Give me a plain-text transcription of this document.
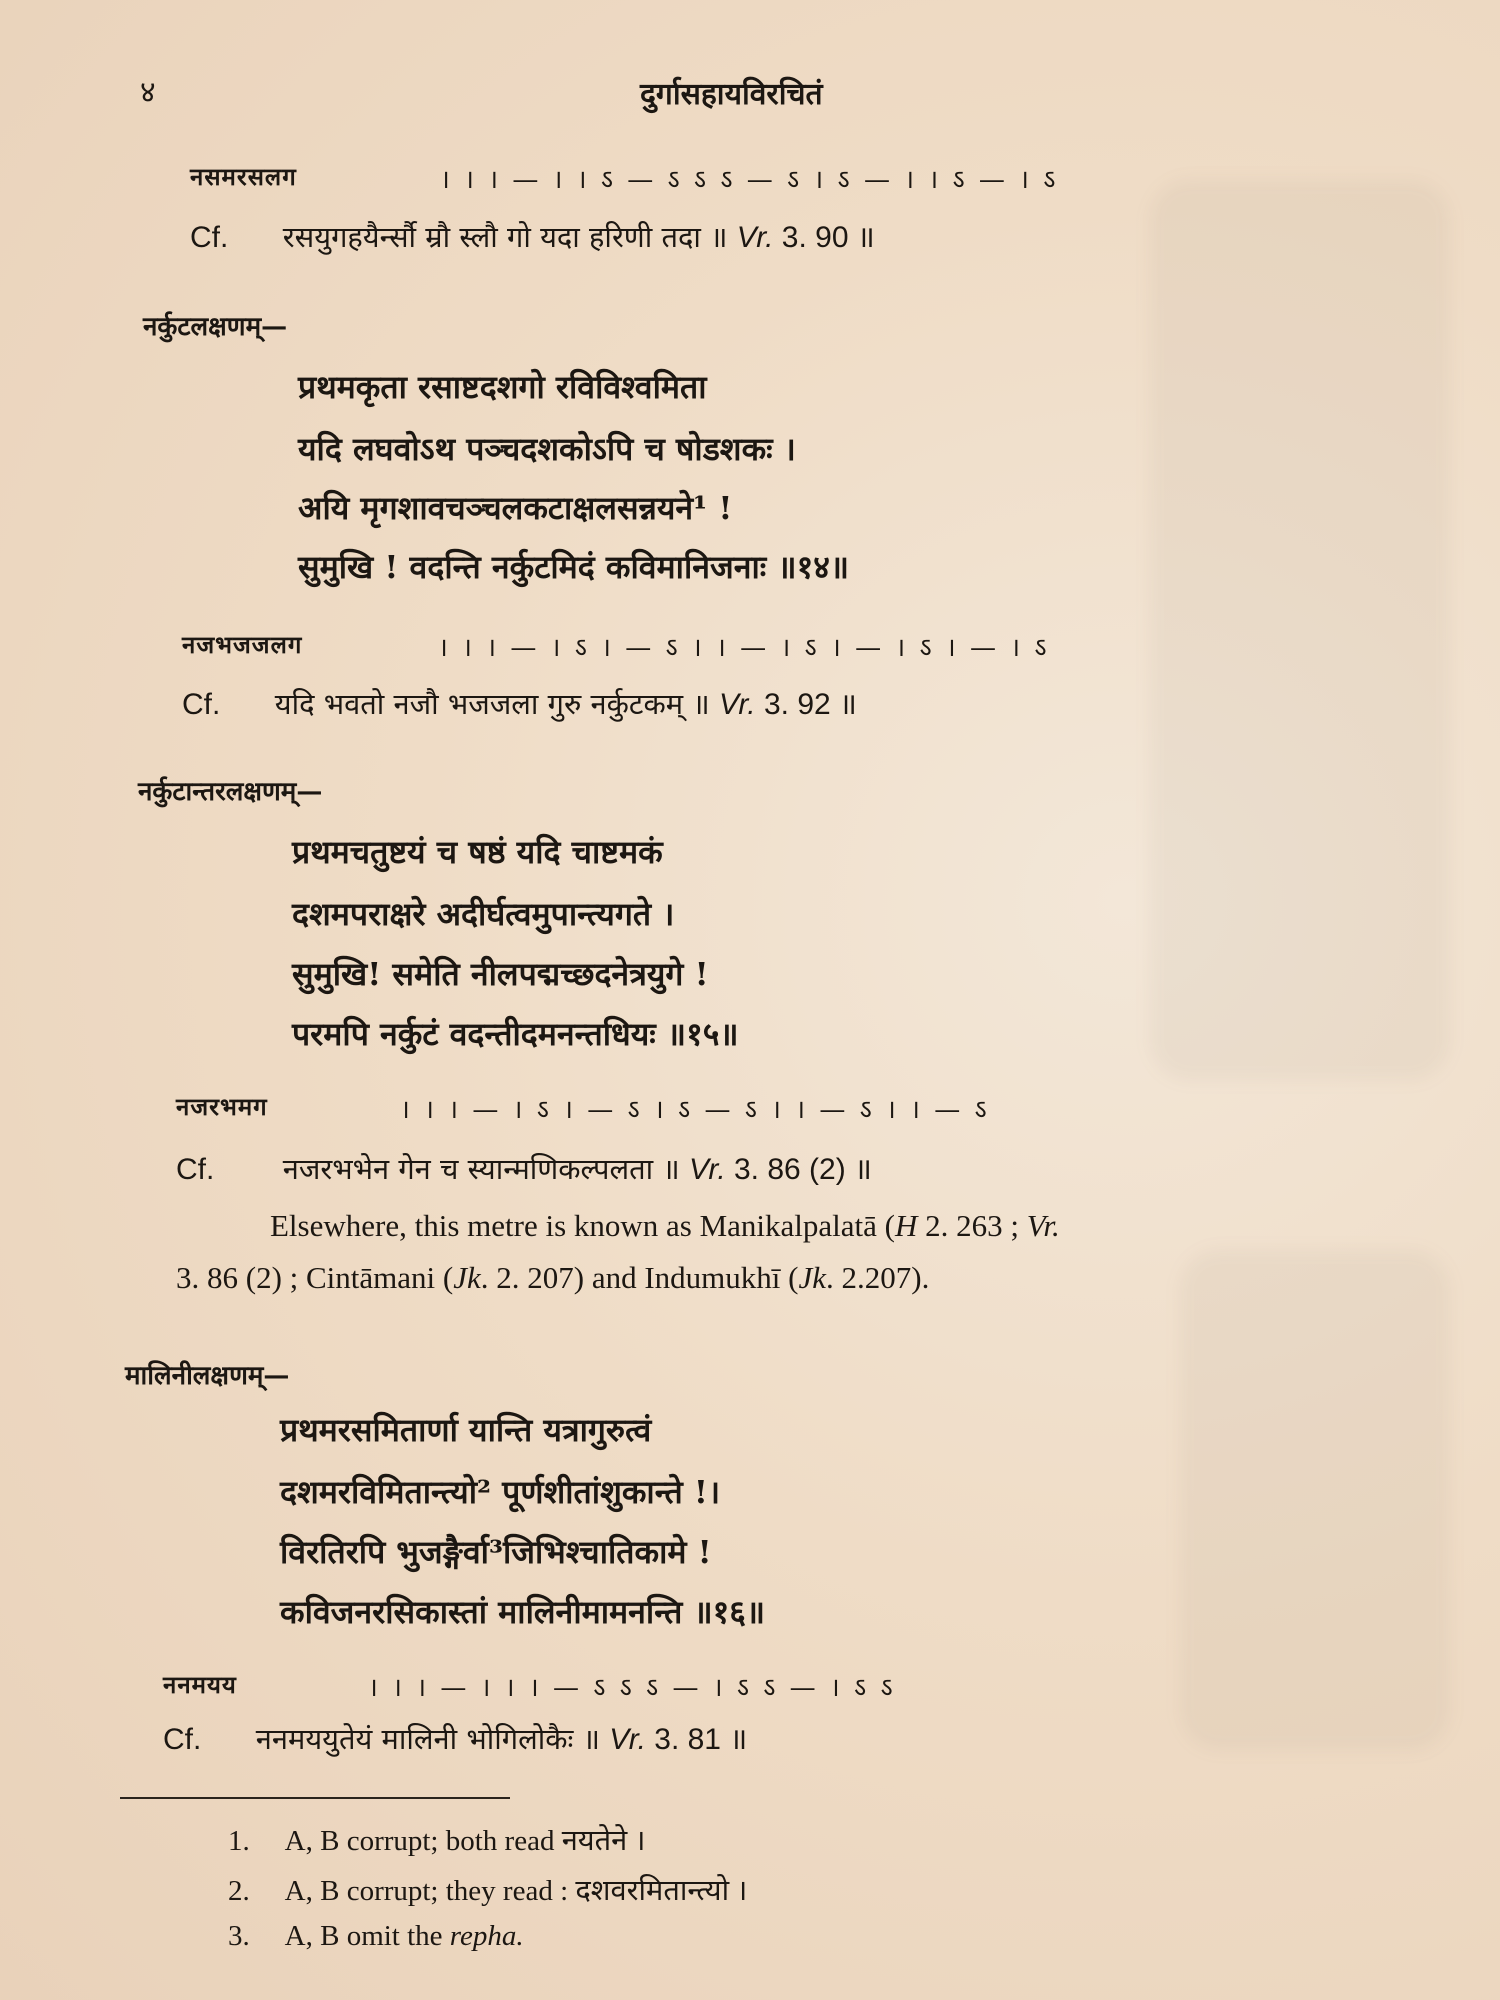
४	दुर्गासहायविरचितं
नसमरसलग	। । । — । । ऽ — ऽ ऽ ऽ — ऽ । ऽ — । । ऽ — । ऽ
Cf. रसयुगहयैर्न्सौ म्रौ स्लौ गो यदा हरिणी तदा ॥ Vr. 3. 90 ॥
नर्कुटलक्षणम्—
प्रथमकृता रसाष्टदशगो रविविश्वमिता
यदि लघवोऽथ पञ्चदशकोऽपि च षोडशकः ।
अयि मृगशावचञ्चलकटाक्षलसन्नयने¹ !
सुमुखि ! वदन्ति नर्कुटमिदं कविमानिजनाः ॥१४॥
नजभजजलग	। । । — । ऽ । — ऽ । । — । ऽ । — । ऽ । — । ऽ
Cf. यदि भवतो नजौ भजजला गुरु नर्कुटकम् ॥ Vr. 3. 92 ॥
नर्कुटान्तरलक्षणम्—
प्रथमचतुष्टयं च षष्ठं यदि चाष्टमकं
दशमपराक्षरे अदीर्घत्वमुपान्त्यगते ।
सुमुखि! समेति नीलपद्मच्छदनेत्रयुगे !
परमपि नर्कुटं वदन्तीदमनन्तधियः ॥१५॥
नजरभमग	। । । — । ऽ । — ऽ । ऽ — ऽ । । — ऽ । । — ऽ
Cf. नजरभभेन गेन च स्यान्मणिकल्पलता ॥ Vr. 3. 86 (2) ॥
Elsewhere, this metre is known as Manikalpalatā (H 2. 263 ; Vr.
3. 86 (2) ; Cintāmani (Jk. 2. 207) and Indumukhī (Jk. 2.207).
मालिनीलक्षणम्—
प्रथमरसमितार्णा यान्ति यत्रागुरुत्वं
दशमरविमितान्त्यो² पूर्णशीतांशुकान्ते !।
विरतिरपि भुजङ्गैर्वा³जिभिश्चातिकामे !
कविजनरसिकास्तां मालिनीमामनन्ति ॥१६॥
ननमयय	। । । — । । । — ऽ ऽ ऽ — । ऽ ऽ — । ऽ ऽ
Cf. ननमययुतेयं मालिनी भोगिलोकैः ॥ Vr. 3. 81 ॥
1. A, B corrupt; both read नयतेने ।
2. A, B corrupt; they read : दशवरमितान्त्यो ।
3. A, B omit the repha.
